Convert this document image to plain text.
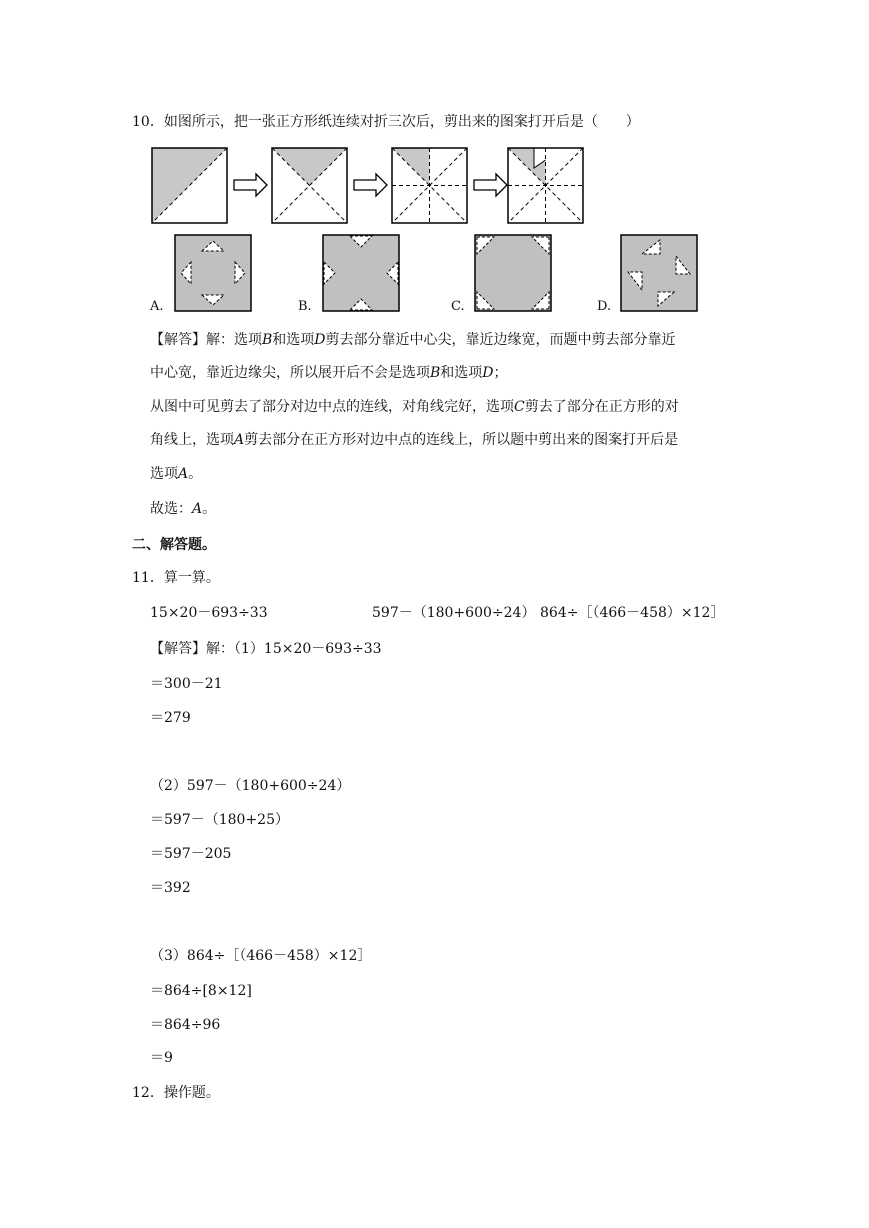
10．如图所示，把一张正方形纸连续对折三次后，剪出来的图案打开后是（　　）
A.	B.	C.	D.
【解答】解：选项B和选项D剪去部分靠近中心尖，靠近边缘宽，而题中剪去部分靠近
中心宽，靠近边缘尖，所以展开后不会是选项B和选项D；
从图中可见剪去了部分对边中点的连线，对角线完好，选项C剪去了部分在正方形的对
角线上，选项A剪去部分在正方形对边中点的连线上，所以题中剪出来的图案打开后是
选项A。
故选：A。
二、解答题。
11．算一算。
15×20－693÷33	597－（180+600÷24） 864÷［（466－458）×12］
【解答】解：（1）15×20－693÷33
＝300－21
＝279
（2）597－（180+600÷24）
＝597－（180+25）
＝597－205
＝392
（3）864÷［（466－458）×12］
＝864÷[8×12]
＝864÷96
＝9
12．操作题。
